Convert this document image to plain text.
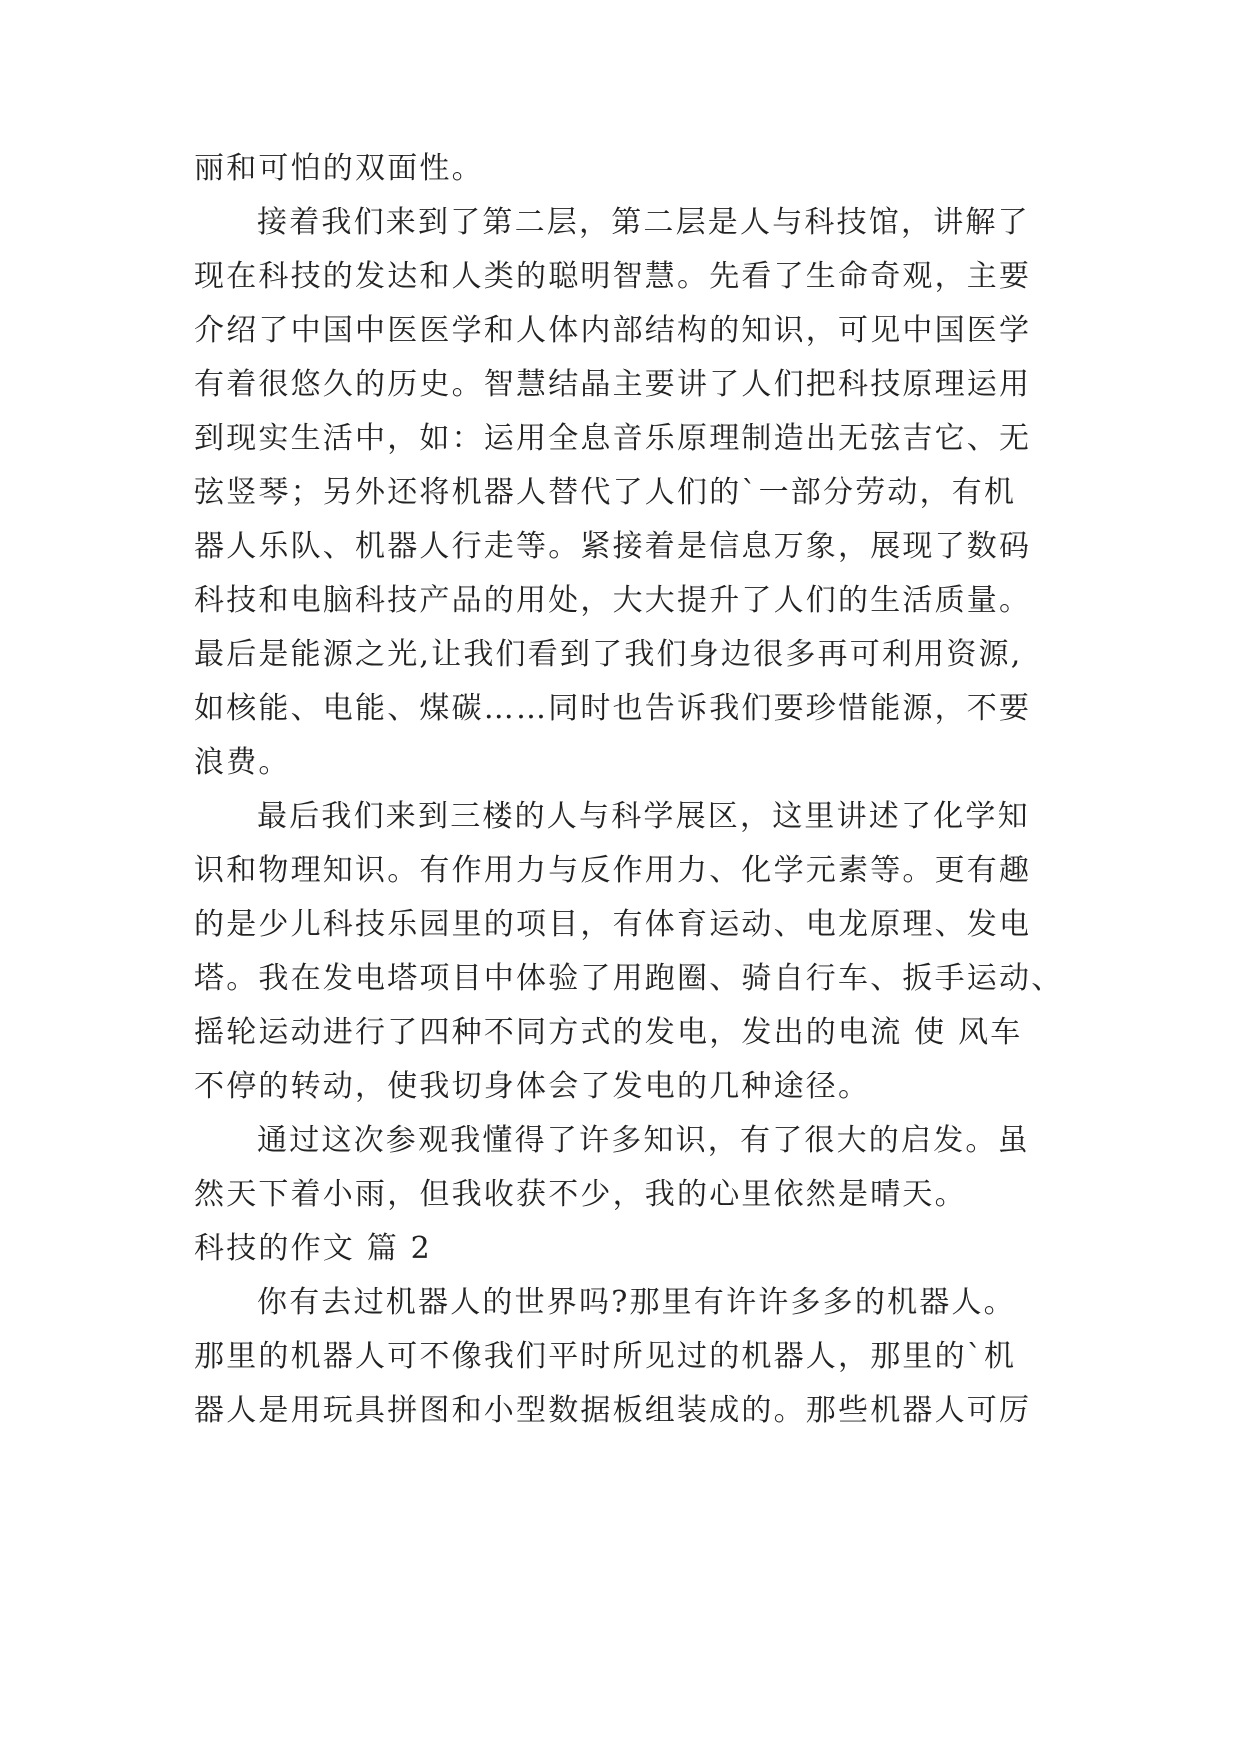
丽和可怕的双面性。
接着我们来到了第二层，第二层是人与科技馆，讲解了
现在科技的发达和人类的聪明智慧。先看了生命奇观，主要
介绍了中国中医医学和人体内部结构的知识，可见中国医学
有着很悠久的历史。智慧结晶主要讲了人们把科技原理运用
到现实生活中，如：运用全息音乐原理制造出无弦吉它、无
弦竖琴；另外还将机器人替代了人们的`一部分劳动，有机
器人乐队、机器人行走等。紧接着是信息万象，展现了数码
科技和电脑科技产品的用处，大大提升了人们的生活质量。
最后是能源之光,让我们看到了我们身边很多再可利用资源,
如核能、电能、煤碳……同时也告诉我们要珍惜能源，不要
浪费。
最后我们来到三楼的人与科学展区，这里讲述了化学知
识和物理知识。有作用力与反作用力、化学元素等。更有趣
的是少儿科技乐园里的项目，有体育运动、电龙原理、发电
塔。我在发电塔项目中体验了用跑圈、骑自行车、扳手运动、
摇轮运动进行了四种不同方式的发电，发出的电流 使 风车
不停的转动，使我切身体会了发电的几种途径。
通过这次参观我懂得了许多知识，有了很大的启发。虽
然天下着小雨，但我收获不少，我的心里依然是晴天。
科技的作文 篇 2
你有去过机器人的世界吗?那里有许许多多的机器人。
那里的机器人可不像我们平时所见过的机器人，那里的`机
器人是用玩具拼图和小型数据板组装成的。那些机器人可厉
